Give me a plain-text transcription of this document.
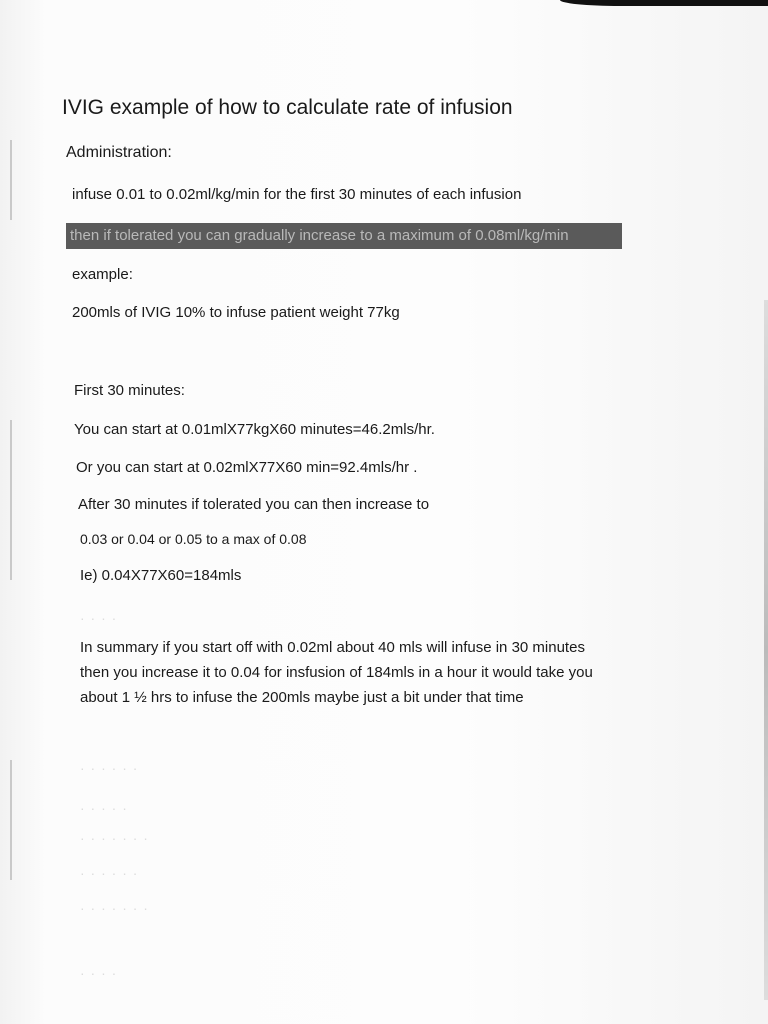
IVIG example of how to calculate rate of infusion
Administration:
infuse 0.01 to 0.02ml/kg/min for the first 30 minutes of each infusion
then if tolerated you can gradually increase to a maximum of 0.08ml/kg/min
example:
200mls of IVIG 10% to infuse patient weight 77kg
First 30 minutes:
You can start at 0.01mlX77kgX60 minutes=46.2mls/hr.
Or you can start at 0.02mlX77X60 min=92.4mls/hr .
After 30 minutes if tolerated you can then increase to
0.03 or 0.04 or 0.05 to a max of 0.08
Ie) 0.04X77X60=184mls
In summary if you start off with 0.02ml about 40 mls will infuse in 30 minutes
then you increase it to 0.04 for insfusion of 184mls in a hour it would take you
about 1 ½ hrs to infuse the 200mls maybe just a bit under that time
· · · ·
· · · · · ·
· · · · ·
· · · · · · ·
· · · · · ·
· · · · · · ·
· · · ·
